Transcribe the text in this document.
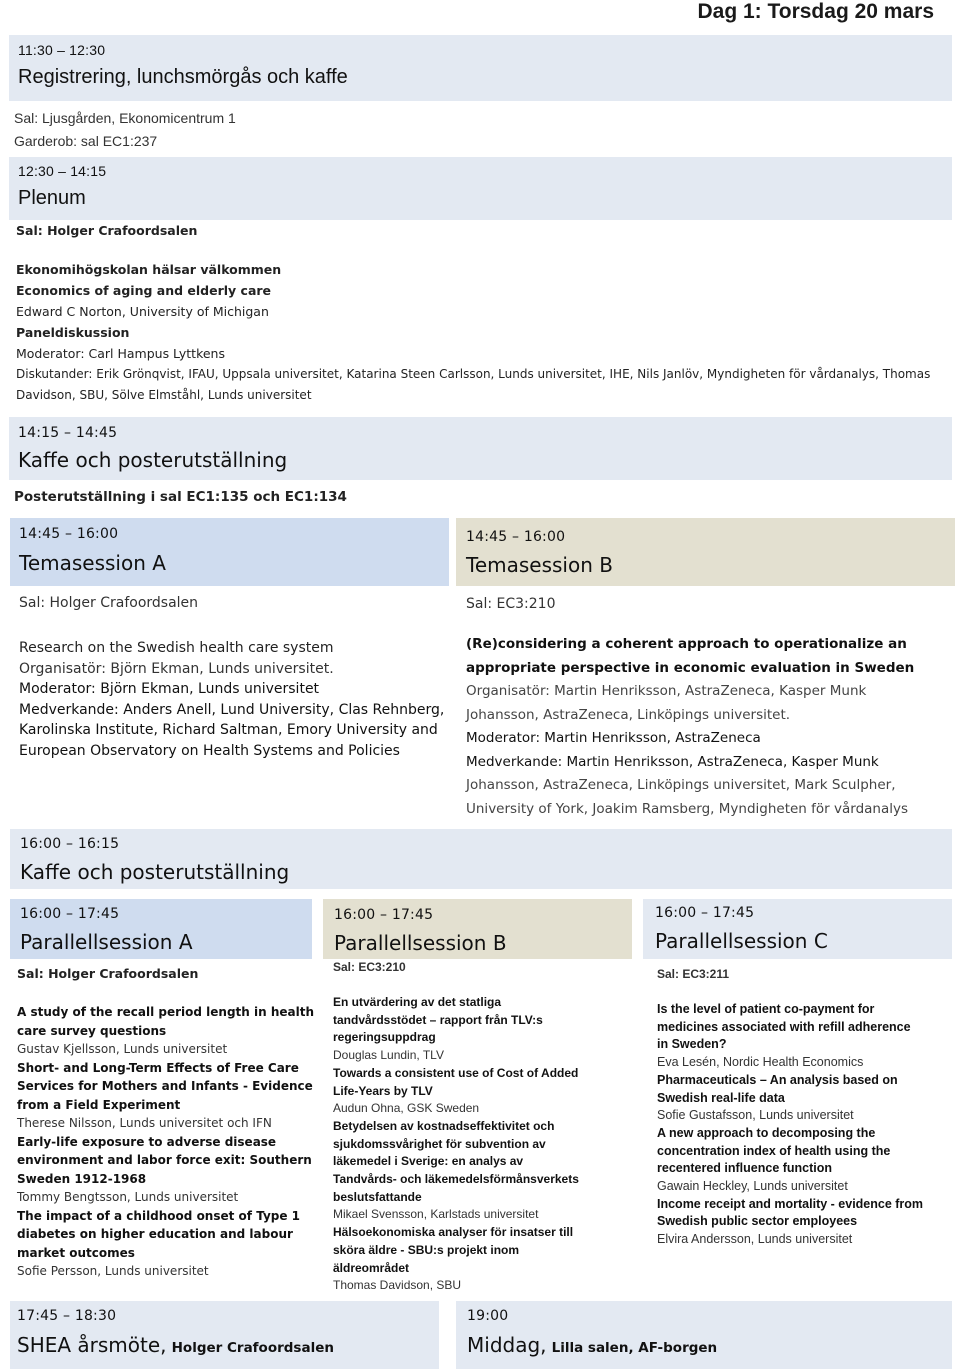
Dag 1: Torsdag 20 mars
11:30 – 12:30
Registrering, lunchsmörgås och kaffe
Sal: Ljusgården, Ekonomicentrum 1
Garderob: sal EC1:237
12:30 – 14:15
Plenum
Sal: Holger Crafoordsalen
Ekonomihögskolan hälsar välkommen
Economics of aging and elderly care
Edward C Norton, University of Michigan
Paneldiskussion
Moderator: Carl Hampus Lyttkens
Diskutander: Erik Grönqvist, IFAU, Uppsala universitet, Katarina Steen Carlsson, Lunds universitet, IHE, Nils Janlöv, Myndigheten för vårdanalys, Thomas
Davidson, SBU, Sölve Elmståhl, Lunds universitet
14:15 – 14:45
Kaffe och posterutställning
Posterutställning i sal EC1:135 och EC1:134
14:45 – 16:00
Temasession A
Sal: Holger Crafoordsalen
Research on the Swedish health care system
Organisatör: Björn Ekman, Lunds universitet.
Moderator: Björn Ekman, Lunds universitet
Medverkande: Anders Anell, Lund University, Clas Rehnberg,
Karolinska Institute, Richard Saltman, Emory University and
European Observatory on Health Systems and Policies
14:45 – 16:00
Temasession B
Sal: EC3:210
(Re)considering a coherent approach to operationalize an
appropriate perspective in economic evaluation in Sweden
Organisatör: Martin Henriksson, AstraZeneca, Kasper Munk
Johansson, AstraZeneca, Linköpings universitet.
Moderator: Martin Henriksson, AstraZeneca
Medverkande: Martin Henriksson, AstraZeneca, Kasper Munk
Johansson, AstraZeneca, Linköpings universitet, Mark Sculpher,
University of York, Joakim Ramsberg, Myndigheten för vårdanalys
16:00 – 16:15
Kaffe och posterutställning
16:00 – 17:45
Parallellsession A
Sal: Holger Crafoordsalen
A study of the recall period length in health
care survey questions
Gustav Kjellsson, Lunds universitet
Short- and Long-Term Effects of Free Care
Services for Mothers and Infants - Evidence
from a Field Experiment
Therese Nilsson, Lunds universitet och IFN
Early-life exposure to adverse disease
environment and labor force exit: Southern
Sweden 1912-1968
Tommy Bengtsson, Lunds universitet
The impact of a childhood onset of Type 1
diabetes on higher education and labour
market outcomes
Sofie Persson, Lunds universitet
16:00 – 17:45
Parallellsession B
Sal: EC3:210
En utvärdering av det statliga
tandvårdsstödet – rapport från TLV:s
regeringsuppdrag
Douglas Lundin, TLV
Towards a consistent use of Cost of Added
Life-Years by TLV
Audun Ohna, GSK Sweden
Betydelsen av kostnadseffektivitet och
sjukdomssvårighet för subvention av
läkemedel i Sverige: en analys av
Tandvårds- och läkemedelsförmånsverkets
beslutsfattande
Mikael Svensson, Karlstads universitet
Hälsoekonomiska analyser för insatser till
sköra äldre - SBU:s projekt inom
äldreområdet
Thomas Davidson, SBU
16:00 – 17:45
Parallellsession C
Sal: EC3:211
Is the level of patient co-payment for
medicines associated with refill adherence
in Sweden?
Eva Lesén, Nordic Health Economics
Pharmaceuticals – An analysis based on
Swedish real-life data
Sofie Gustafsson, Lunds universitet
A new approach to decomposing the
concentration index of health using the
recentered influence function
Gawain Heckley, Lunds universitet
Income receipt and mortality - evidence from
Swedish public sector employees
Elvira Andersson, Lunds universitet
17:45 – 18:30
SHEA årsmöte, Holger Crafoordsalen
19:00
Middag, Lilla salen, AF-borgen
